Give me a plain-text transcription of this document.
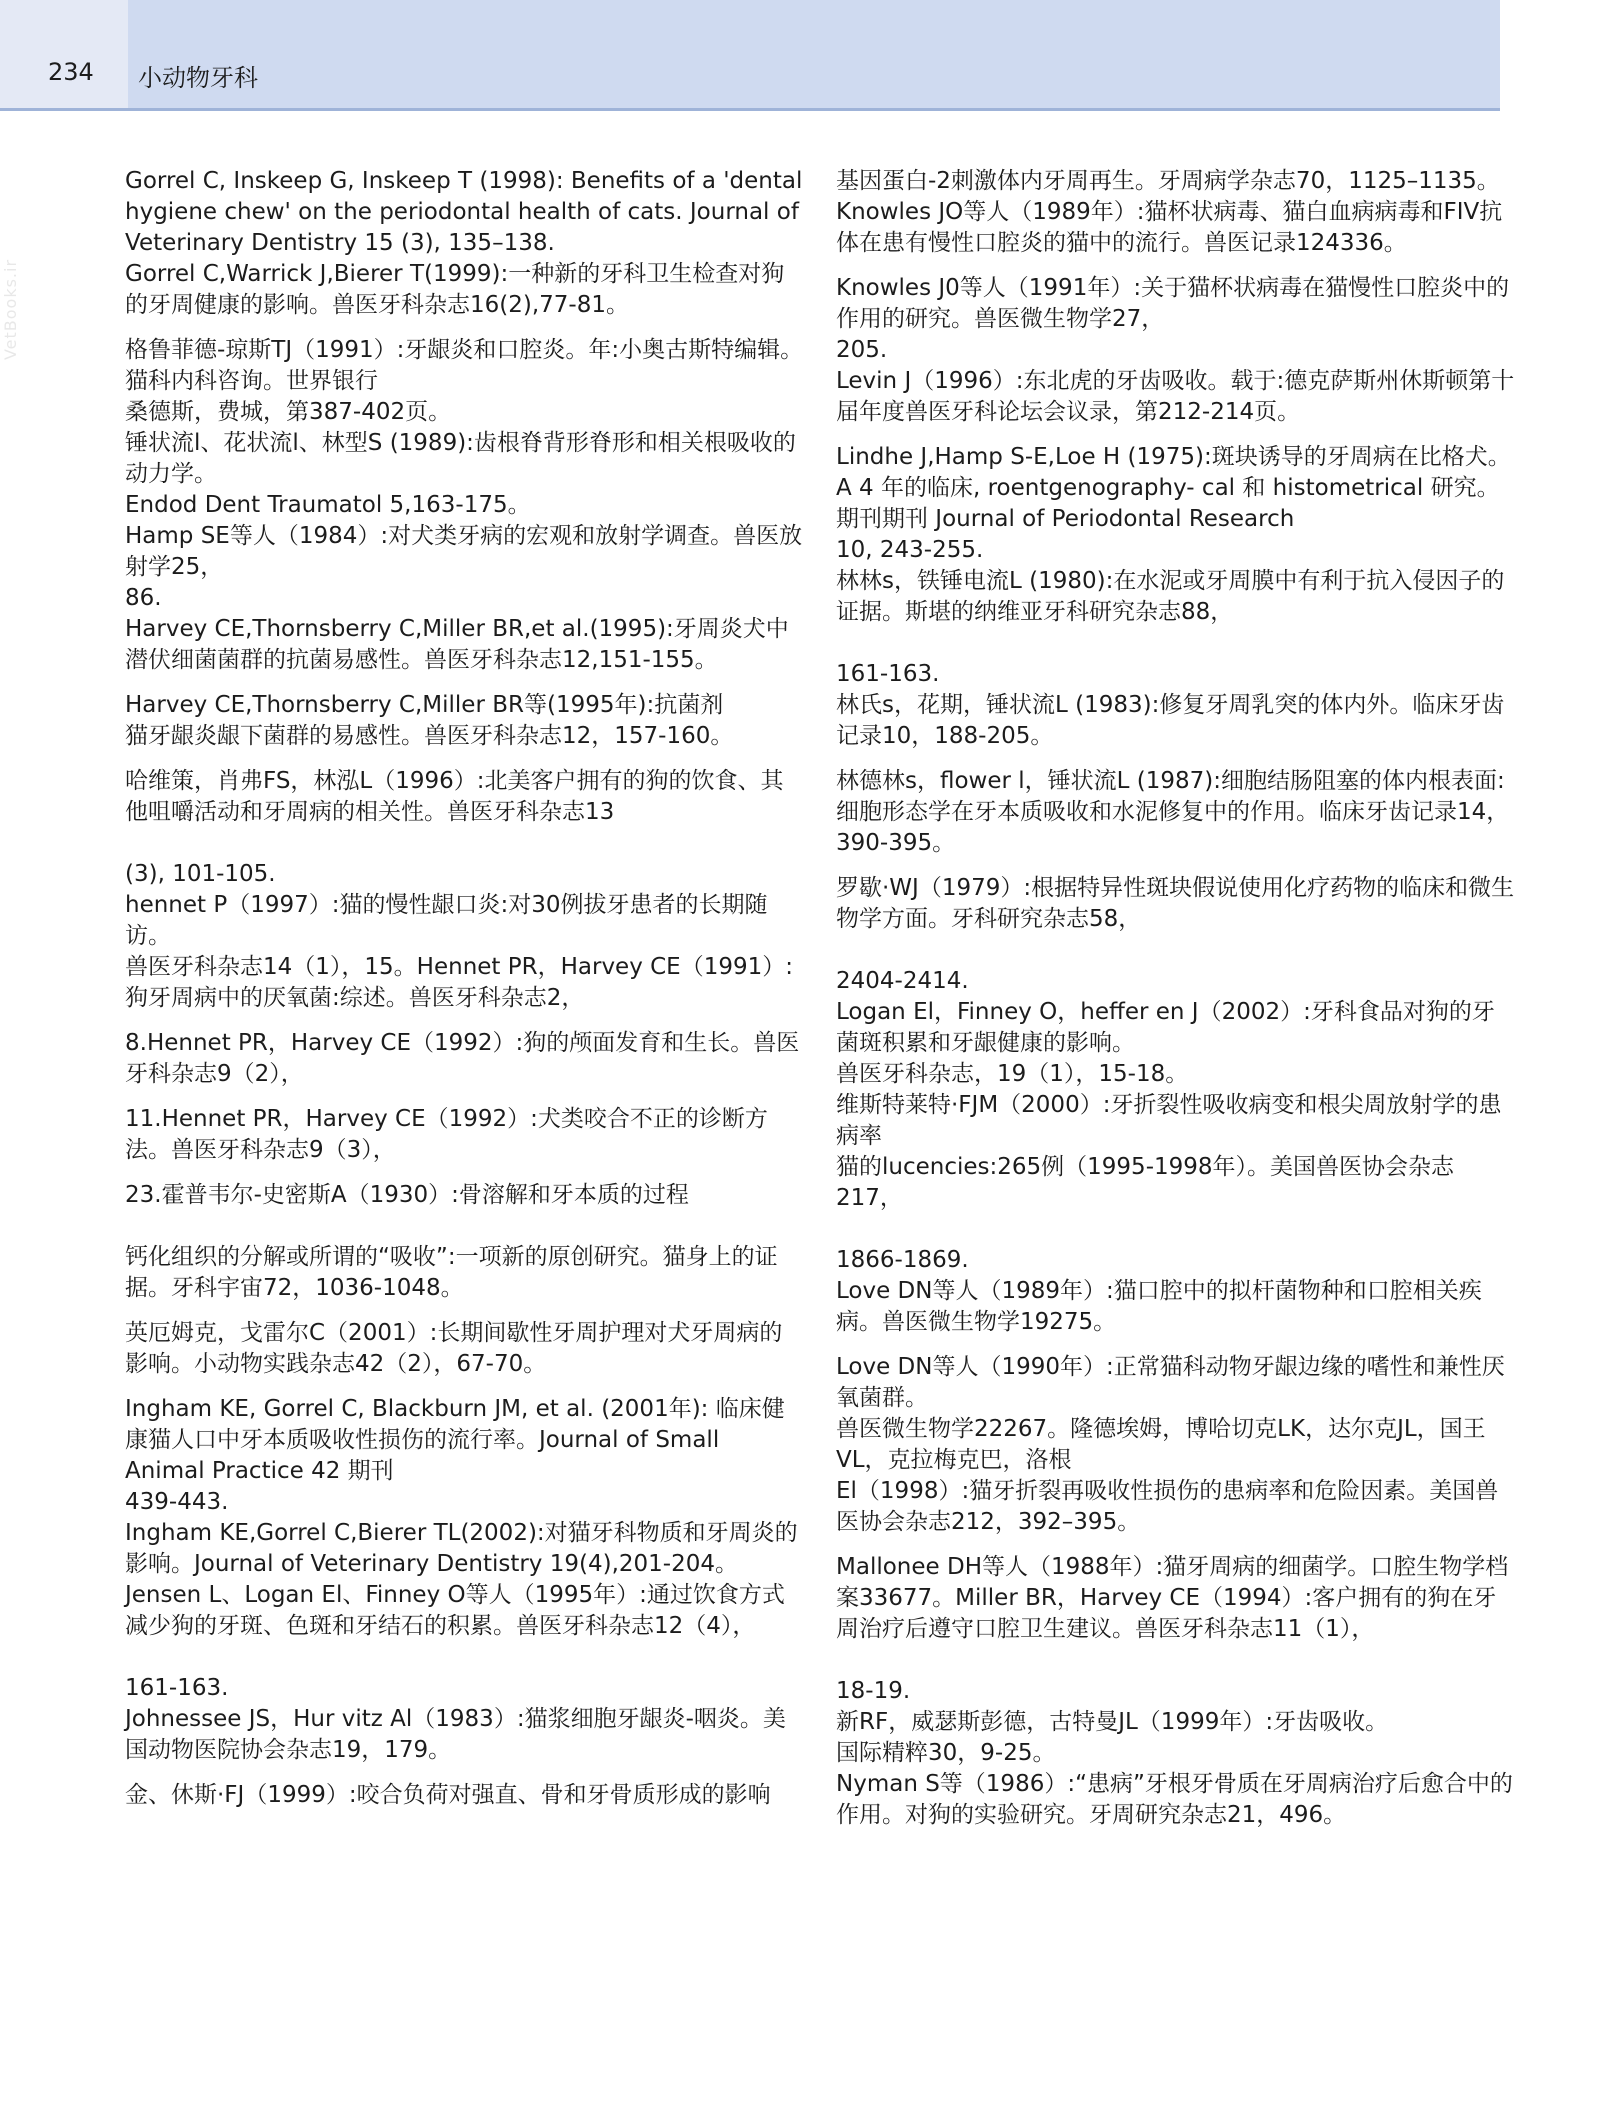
234 小动物牙科
VetBooks.ir

Gorrel C, Inskeep G, Inskeep T (1998): Benefits of a 'dental hygiene chew' on the periodontal health of cats. Journal of Veterinary Dentistry 15 (3), 135–138.

Gorrel C,Warrick J,Bierer T(1999):一种新的牙科卫生检查对狗的牙周健康的影响。兽医牙科杂志16(2),77-81。

格鲁菲德-琼斯TJ（1991）:牙龈炎和口腔炎。年:小奥古斯特编辑。猫科内科咨询。世界银行
桑德斯，费城，第387-402页。

锤状流l、花状流l、林型S (1989):齿根脊背形脊形和相关根吸收的动力学。
Endod Dent Traumatol 5,163-175。

Hamp SE等人（1984）:对犬类牙病的宏观和放射学调查。兽医放射学25，
86.

Harvey CE,Thornsberry C,Miller BR,et al.(1995):牙周炎犬中潜伏细菌菌群的抗菌易感性。兽医牙科杂志12,151-155。

Harvey CE,Thornsberry C,Miller BR等(1995年):抗菌剂
猫牙龈炎龈下菌群的易感性。兽医牙科杂志12，157-160。

哈维策，肖弗FS，林泓L（1996）:北美客户拥有的狗的饮食、其他咀嚼活动和牙周病的相关性。兽医牙科杂志13

(3), 101-105.

hennet P（1997）:猫的慢性龈口炎:对30例拔牙患者的长期随访。
兽医牙科杂志14（1），15。Hennet PR，Harvey CE（1991）:狗牙周病中的厌氧菌:综述。兽医牙科杂志2，

8.Hennet PR，Harvey CE（1992）:狗的颅面发育和生长。兽医牙科杂志9（2），

11.Hennet PR，Harvey CE（1992）:犬类咬合不正的诊断方法。兽医牙科杂志9（3），

23.霍普韦尔-史密斯A（1930）:骨溶解和牙本质的过程

钙化组织的分解或所谓的“吸收”:一项新的原创研究。猫身上的证据。牙科宇宙72，1036-1048。

英厄姆克，戈雷尔C（2001）:长期间歇性牙周护理对犬牙周病的影响。小动物实践杂志42（2），67-70。

Ingham KE, Gorrel C, Blackburn JM, et al. (2001年): 临床健康猫人口中牙本质吸收性损伤的流行率。Journal of Small Animal Practice 42 期刊
439-443.

Ingham KE,Gorrel C,Bierer TL(2002):对猫牙科物质和牙周炎的影响。Journal of Veterinary Dentistry 19(4),201-204。

Jensen L、Logan El、Finney O等人（1995年）:通过饮食方式减少狗的牙斑、色斑和牙结石的积累。兽医牙科杂志12（4），

161-163.

Johnessee JS，Hur vitz Al（1983）:猫浆细胞牙龈炎-咽炎。美国动物医院协会杂志19，179。

金、休斯·FJ（1999）:咬合负荷对强直、骨和牙骨质形成的影响

基因蛋白-2刺激体内牙周再生。牙周病学杂志70，1125–1135。

Knowles JO等人（1989年）:猫杯状病毒、猫白血病病毒和FIV抗体在患有慢性口腔炎的猫中的流行。兽医记录124336。

Knowles J0等人（1991年）:关于猫杯状病毒在猫慢性口腔炎中的作用的研究。兽医微生物学27，
205.

Levin J（1996）:东北虎的牙齿吸收。载于:德克萨斯州休斯顿第十届年度兽医牙科论坛会议录，第212-214页。

Lindhe J,Hamp S-E,Loe H (1975):斑块诱导的牙周病在比格犬。A 4 年的临床, roentgenography- cal 和 histometrical 研究。期刊期刊 Journal of Periodontal Research
10, 243-255.

林林s，铁锤电流L (1980):在水泥或牙周膜中有利于抗入侵因子的证据。斯堪的纳维亚牙科研究杂志88，

161-163.

林氏s，花期，锤状流L (1983):修复牙周乳突的体内外。临床牙齿记录10，188-205。

林德林s，flower l，锤状流L (1987):细胞结肠阻塞的体内根表面:细胞形态学在牙本质吸收和水泥修复中的作用。临床牙齿记录14，390-395。

罗歇·WJ（1979）:根据特异性斑块假说使用化疗药物的临床和微生物学方面。牙科研究杂志58，

2404-2414.

Logan El，Finney O，heffer en J（2002）:牙科食品对狗的牙菌斑积累和牙龈健康的影响。
兽医牙科杂志，19（1），15-18。

维斯特莱特·FJM（2000）:牙折裂性吸收病变和根尖周放射学的患病率
猫的lucencies:265例（1995-1998年）。美国兽医协会杂志217，

1866-1869.

Love DN等人（1989年）:猫口腔中的拟杆菌物种和口腔相关疾病。兽医微生物学19275。

Love DN等人（1990年）:正常猫科动物牙龈边缘的嗜性和兼性厌氧菌群。
兽医微生物学22267。隆德埃姆，博哈切克LK，达尔克JL，国王VL，克拉梅克巴，洛根
El（1998）:猫牙折裂再吸收性损伤的患病率和危险因素。美国兽医协会杂志212，392–395。

Mallonee DH等人（1988年）:猫牙周病的细菌学。口腔生物学档案33677。Miller BR，Harvey CE（1994）:客户拥有的狗在牙周治疗后遵守口腔卫生建议。兽医牙科杂志11（1），

18-19.

新RF，威瑟斯彭德，古特曼JL（1999年）:牙齿吸收。
国际精粹30，9-25。

Nyman S等（1986）:“患病”牙根牙骨质在牙周病治疗后愈合中的作用。对狗的实验研究。牙周研究杂志21，496。
